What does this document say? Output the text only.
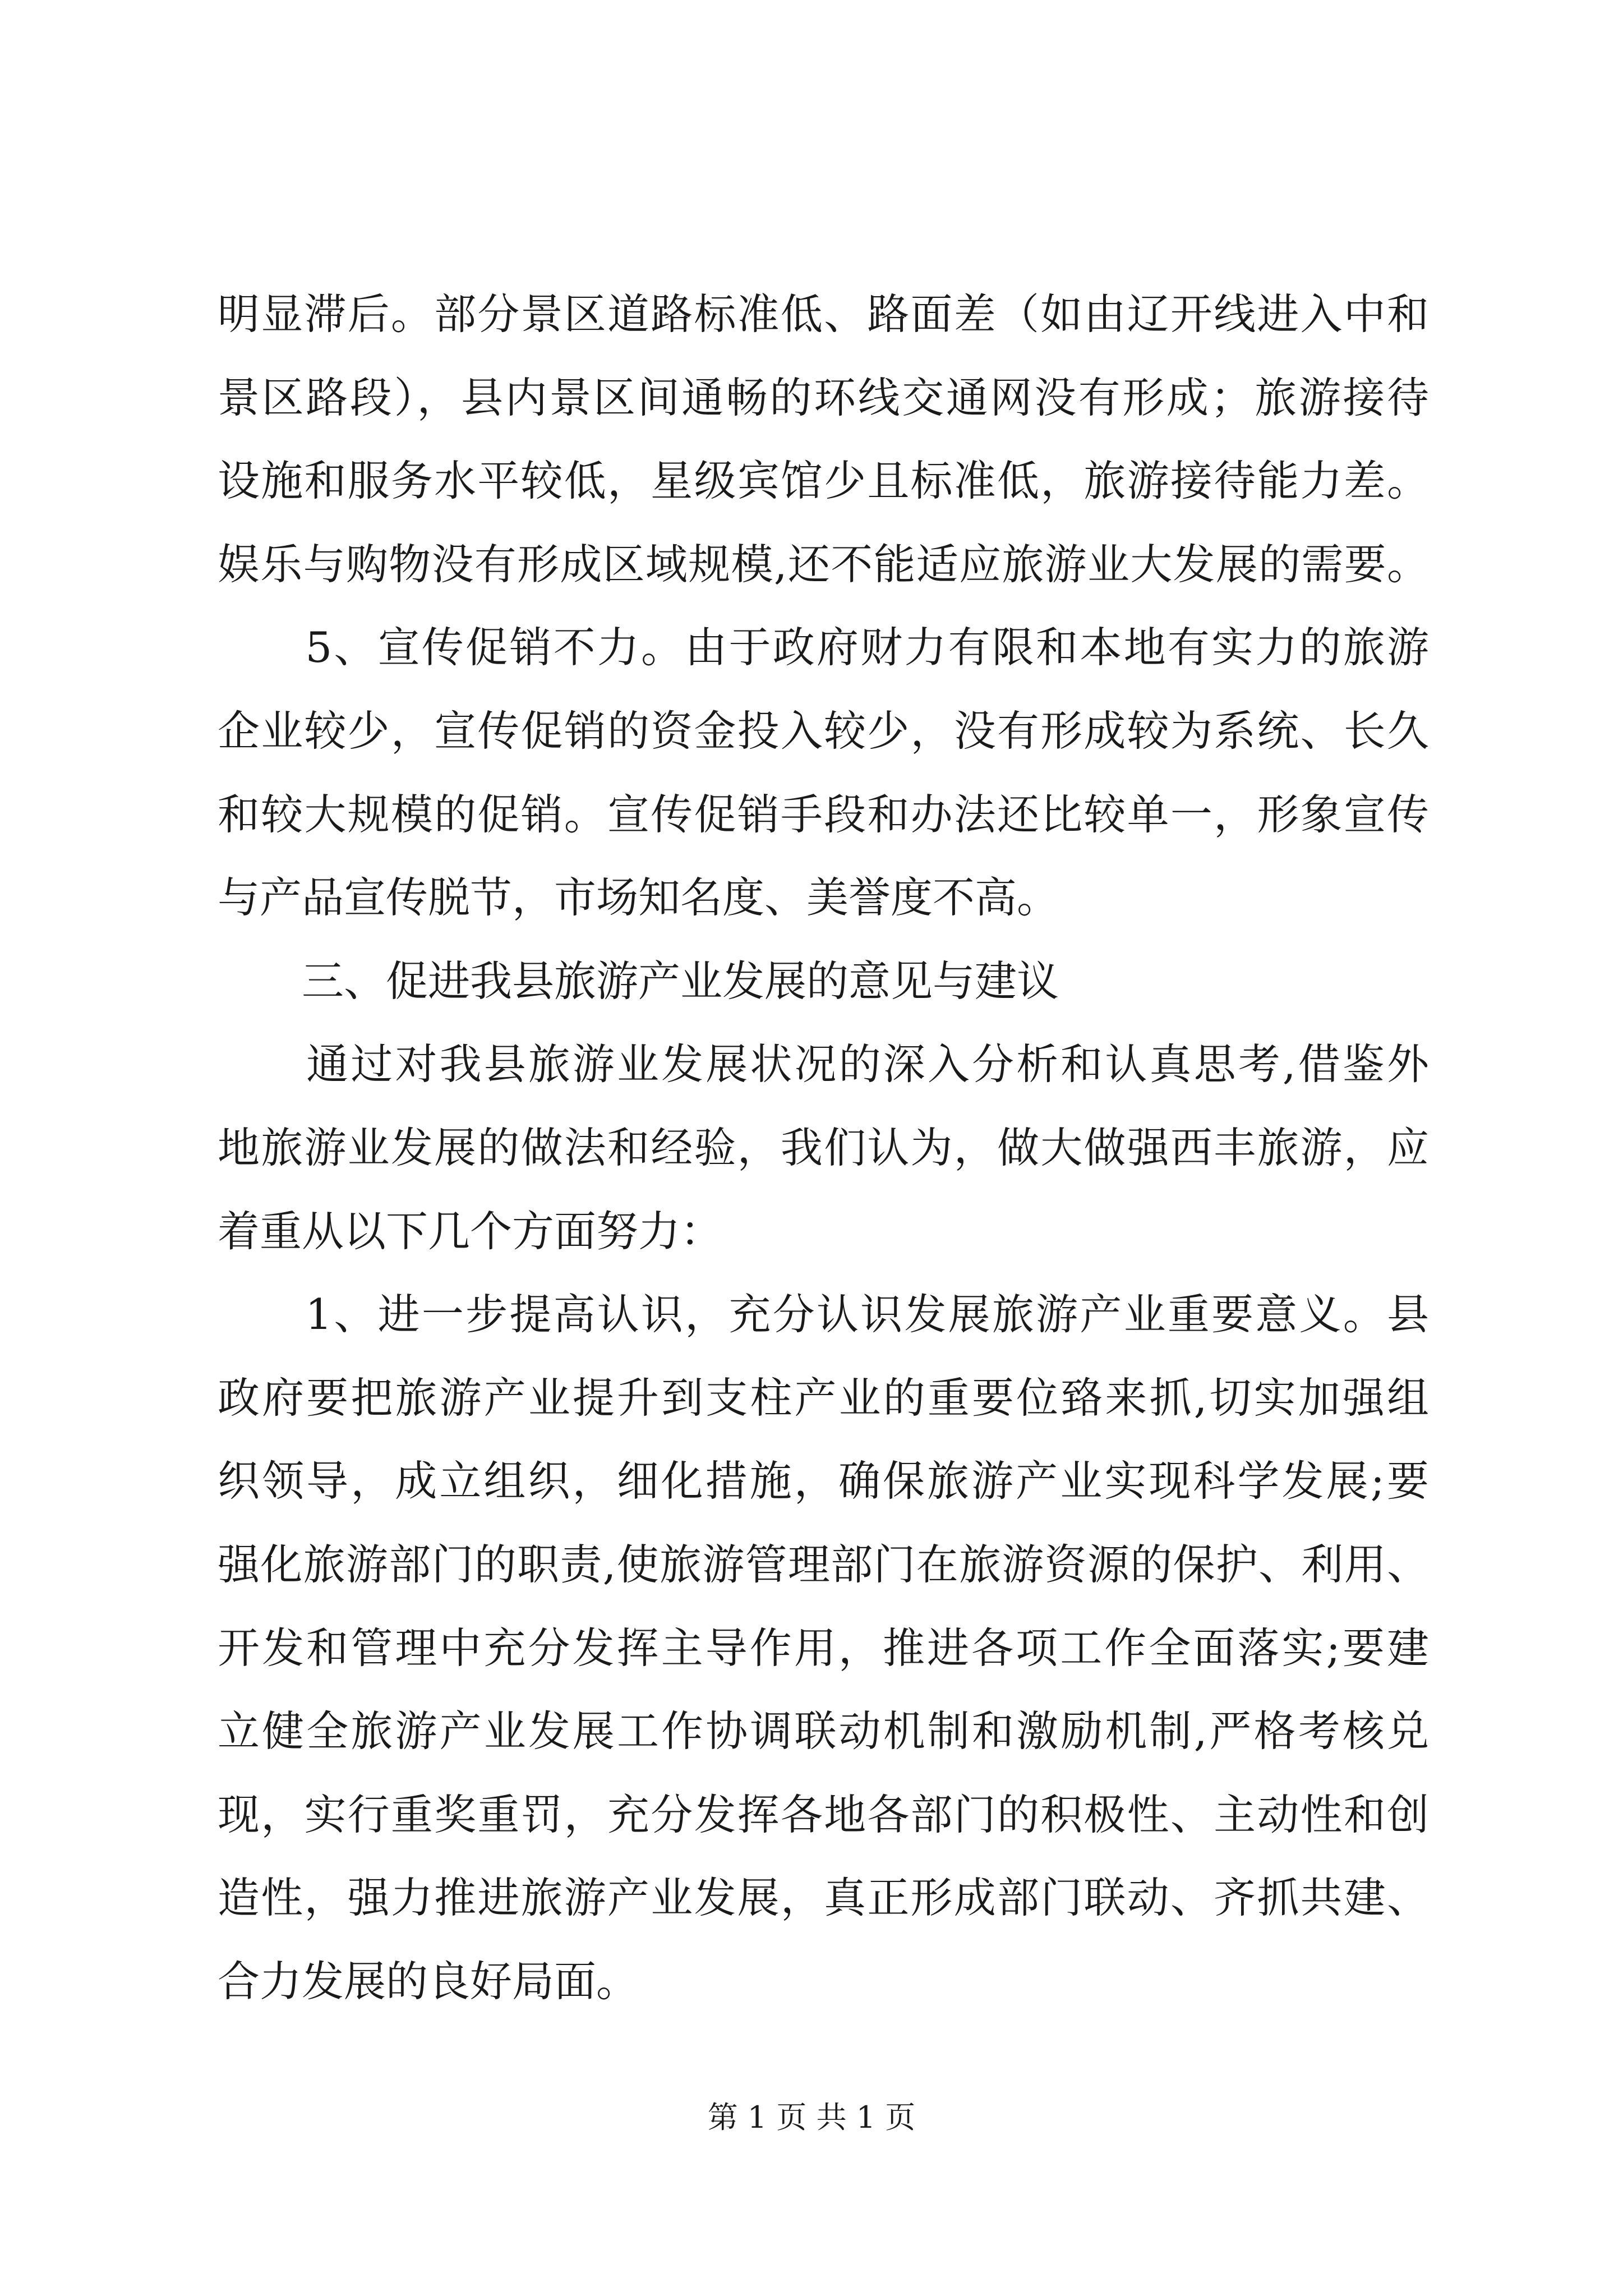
明显滞后。部分景区道路标准低、路面差（如由辽开线进入中和
景区路段），县内景区间通畅的环线交通网没有形成；旅游接待
设施和服务水平较低，星级宾馆少且标准低，旅游接待能力差。
娱乐与购物没有形成区域规模,还不能适应旅游业大发展的需要。
　　5、宣传促销不力。由于政府财力有限和本地有实力的旅游
企业较少，宣传促销的资金投入较少，没有形成较为系统、长久
和较大规模的促销。宣传促销手段和办法还比较单一，形象宣传
与产品宣传脱节，市场知名度、美誉度不高。
　　三、促进我县旅游产业发展的意见与建议
　　通过对我县旅游业发展状况的深入分析和认真思考,借鉴外
地旅游业发展的做法和经验，我们认为，做大做强西丰旅游，应
着重从以下几个方面努力：
　　1、进一步提高认识，充分认识发展旅游产业重要意义。县
政府要把旅游产业提升到支柱产业的重要位臵来抓,切实加强组
织领导，成立组织，细化措施，确保旅游产业实现科学发展;要
强化旅游部门的职责,使旅游管理部门在旅游资源的保护、利用、
开发和管理中充分发挥主导作用，推进各项工作全面落实;要建
立健全旅游产业发展工作协调联动机制和激励机制,严格考核兑
现，实行重奖重罚，充分发挥各地各部门的积极性、主动性和创
造性，强力推进旅游产业发展，真正形成部门联动、齐抓共建、
合力发展的良好局面。
第 1 页 共 1 页
